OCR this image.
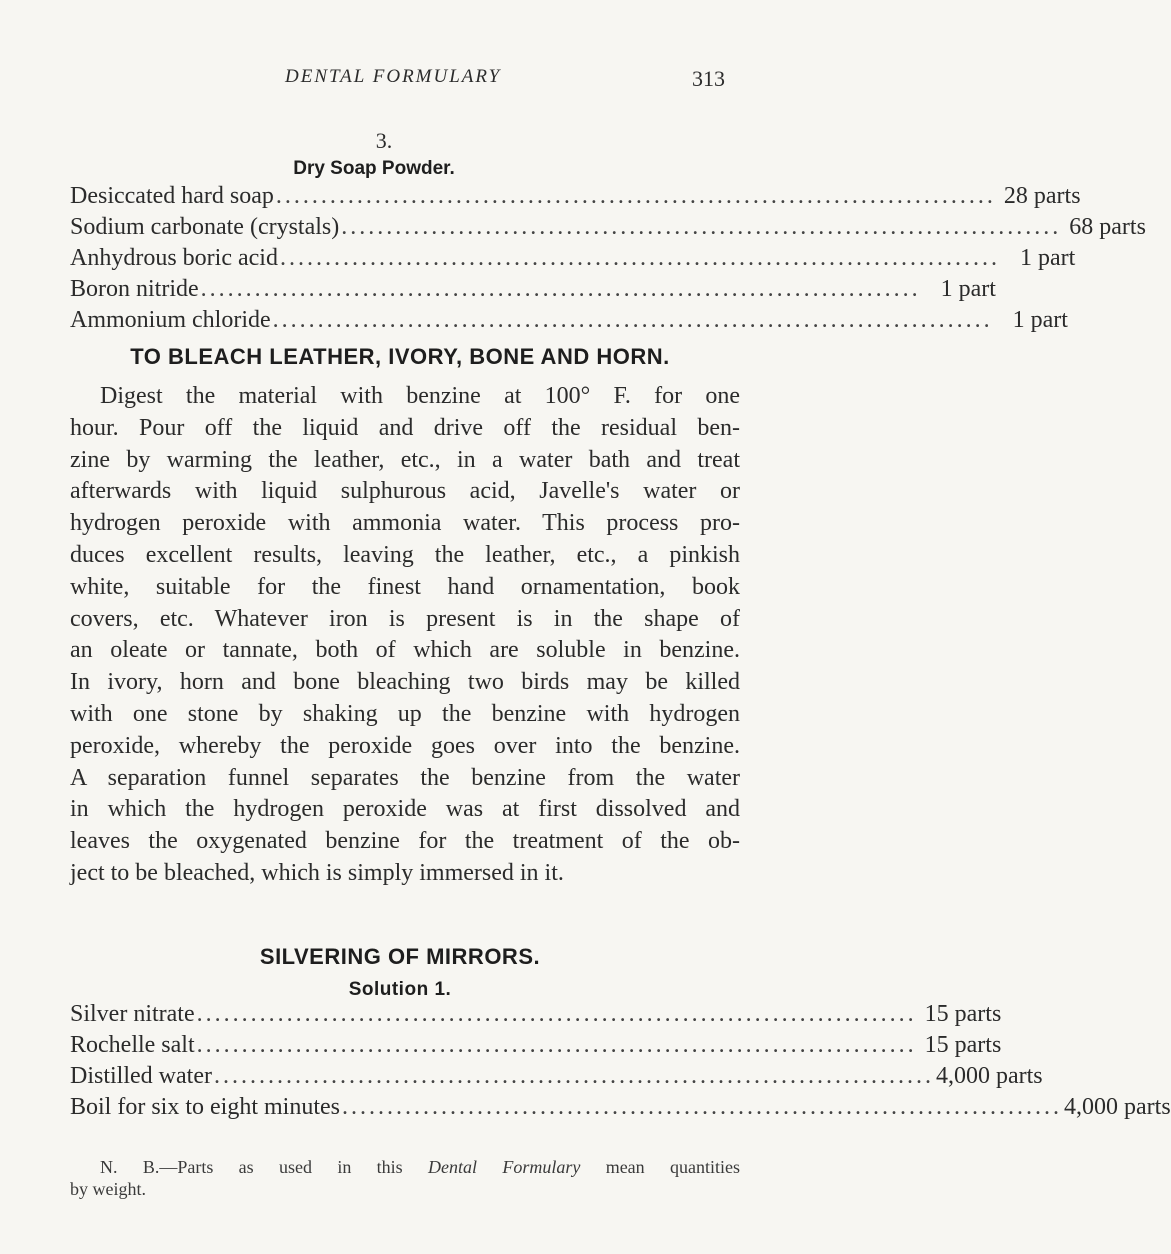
DENTAL FORMULARY	313
3.
Dry Soap Powder.
Desiccated hard soap ................................................................................ 28 parts
Sodium carbonate (crystals) ................................................................................ 68 parts
Anhydrous boric acid ................................................................................ 1 part
Boron nitride ................................................................................ 1 part
Ammonium chloride ................................................................................ 1 part
TO BLEACH LEATHER, IVORY, BONE AND HORN.
Digest the material with benzine at 100° F. for one
hour. Pour off the liquid and drive off the residual ben-
zine by warming the leather, etc., in a water bath and treat
afterwards with liquid sulphurous acid, Javelle's water or
hydrogen peroxide with ammonia water. This process pro-
duces excellent results, leaving the leather, etc., a pinkish
white, suitable for the finest hand ornamentation, book
covers, etc. Whatever iron is present is in the shape of
an oleate or tannate, both of which are soluble in benzine.
In ivory, horn and bone bleaching two birds may be killed
with one stone by shaking up the benzine with hydrogen
peroxide, whereby the peroxide goes over into the benzine.
A separation funnel separates the benzine from the water
in which the hydrogen peroxide was at first dissolved and
leaves the oxygenated benzine for the treatment of the ob-
ject to be bleached, which is simply immersed in it.
SILVERING OF MIRRORS.
Solution 1.
Silver nitrate ................................................................................ 15 parts
Rochelle salt ................................................................................ 15 parts
Distilled water ................................................................................ 4,000 parts
Boil for six to eight minutes ................................................................................ 4,000 parts
N. B.—Parts as used in this Dental Formulary mean quantities
by weight.
